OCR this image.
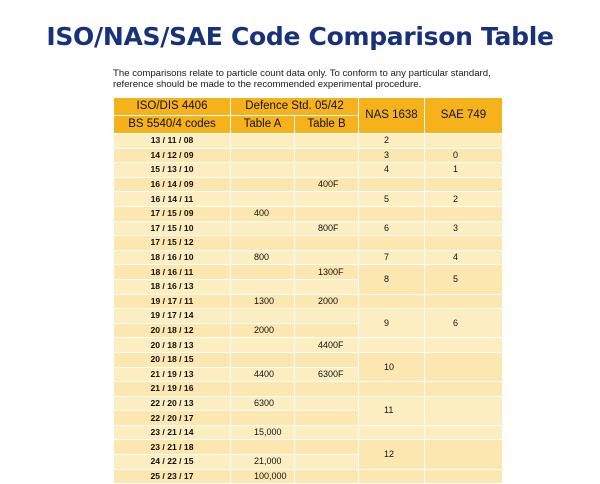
ISO/NAS/SAE Code Comparison Table
The comparisons relate to particle count data only. To conform to any particular standard,
reference should be made to the recommended experimental procedure.
ISO/DIS 4406	Defence Std. 05/42		NAS 1638	SAE 749
BS 5540/4 codes	Table A	Table B		
13 / 11 / 08			2	
14 / 12 / 09			3	0
15 / 13 / 10			4	1
16 / 14 / 09		400F		
16 / 14 / 11			5	2
17 / 15 / 09	400			
17 / 15 / 10		800F	6	3
17 / 15 / 12				
18 / 16 / 10	800		7	4
18 / 16 / 11		1300F	8	5
18 / 16 / 13				
19 / 17 / 11	1300	2000		
19 / 17 / 14			9	6
20 / 18 / 12	2000			
20 / 18 / 13		4400F		
20 / 18 / 15			10	
21 / 19 / 13	4400	6300F		
21 / 19 / 16				
22 / 20 / 13	6300		11	
22 / 20 / 17				
23 / 21 / 14	15,000			
23 / 21 / 18			12	
24 / 22 / 15	21,000			
25 / 23 / 17	100,000			
